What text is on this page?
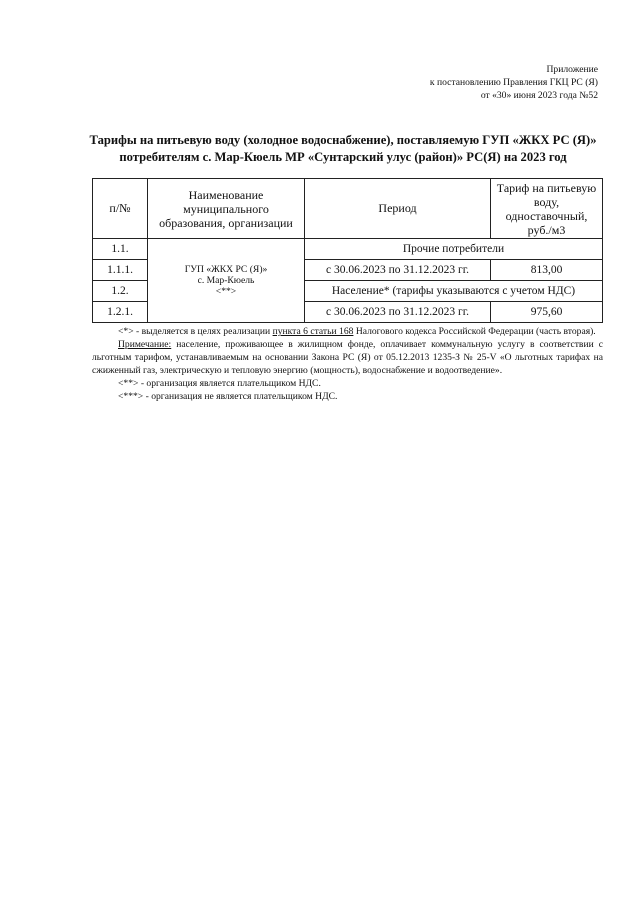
Приложение
к постановлению Правления ГКЦ РС (Я)
от «30» июня 2023 года №52
Тарифы на питьевую воду (холодное водоснабжение), поставляемую ГУП «ЖКХ РС (Я)» потребителям с. Мар-Кюель МР «Сунтарский улус (район)» РС(Я) на 2023 год
п/№	Наименование муниципального образования, организации	Период	Тариф на питьевую воду, одноставочный, руб./м3
1.1.	ГУП «ЖКХ РС (Я)»
с. Мар-Кюель
<**>	Прочие потребители	
1.1.1.		с 30.06.2023 по 31.12.2023 гг.	813,00
1.2.		Население* (тарифы указываются с учетом НДС)	
1.2.1.		с 30.06.2023 по 31.12.2023 гг.	975,60

<*> - выделяется в целях реализации пункта 6 статьи 168 Налогового кодекса Российской Федерации (часть вторая).

Примечание: население, проживающее в жилищном фонде, оплачивает коммунальную услугу в соответствии с льготным тарифом, устанавливаемым на основании Закона РС (Я) от 05.12.2013 1235-З № 25-V «О льготных тарифах на сжиженный газ, электрическую и тепловую энергию (мощность), водоснабжение и водоотведение».

<**> - организация является плательщиком НДС.

<***> - организация не является плательщиком НДС.
